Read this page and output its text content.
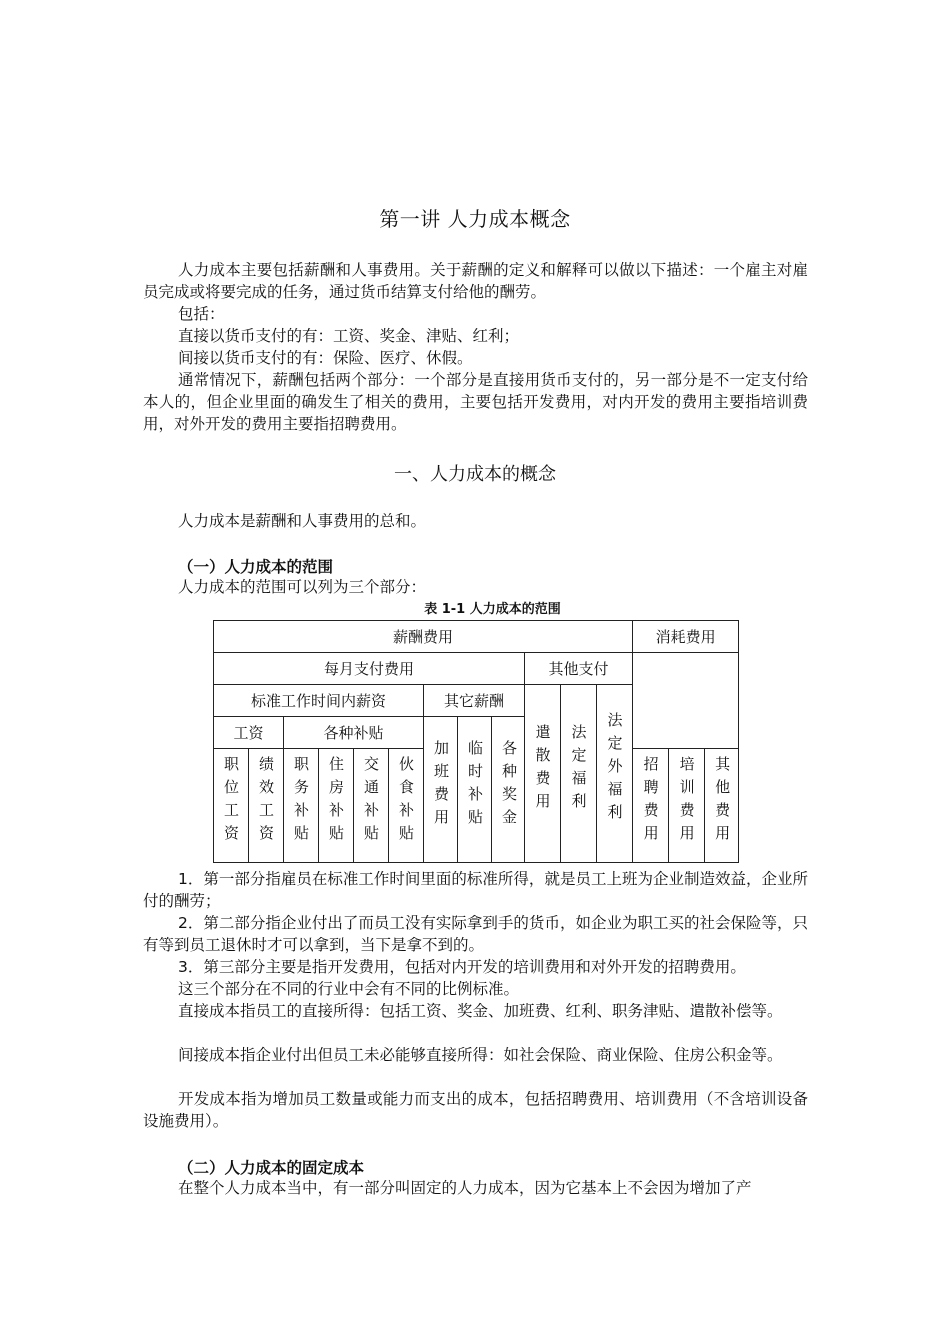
第一讲 人力成本概念

人力成本主要包括薪酬和人事费用。关于薪酬的定义和解释可以做以下描述：一个雇主对雇员完成或将要完成的任务，通过货币结算支付给他的酬劳。

包括：

直接以货币支付的有：工资、奖金、津贴、红利；

间接以货币支付的有：保险、医疗、休假。

通常情况下，薪酬包括两个部分：一个部分是直接用货币支付的，另一部分是不一定支付给本人的，但企业里面的确发生了相关的费用，主要包括开发费用，对内开发的费用主要指培训费用，对外开发的费用主要指招聘费用。

一、人力成本的概念

人力成本是薪酬和人事费用的总和。

（一）人力成本的范围

人力成本的范围可以列为三个部分：

表 1-1 人力成本的范围
薪酬费用												消耗费用		
每月支付费用									其他支付					
标准工作时间内薪资						其它薪酬			遣散费用	法定福利	法定外福利			
工资		各种补贴				加班费用	临时补贴	各种奖金						
职位工资	绩效工资	职务补贴	住房补贴	交通补贴	伙食补贴							招聘费用	培训费用	其他费用

1．第一部分指雇员在标准工作时间里面的标准所得，就是员工上班为企业制造效益，企业所付的酬劳；

2．第二部分指企业付出了而员工没有实际拿到手的货币，如企业为职工买的社会保险等，只有等到员工退休时才可以拿到，当下是拿不到的。

3．第三部分主要是指开发费用，包括对内开发的培训费用和对外开发的招聘费用。

这三个部分在不同的行业中会有不同的比例标准。

直接成本指员工的直接所得：包括工资、奖金、加班费、红利、职务津贴、遣散补偿等。

间接成本指企业付出但员工未必能够直接所得：如社会保险、商业保险、住房公积金等。

开发成本指为增加员工数量或能力而支出的成本，包括招聘费用、培训费用（不含培训设备设施费用）。

（二）人力成本的固定成本

在整个人力成本当中，有一部分叫固定的人力成本，因为它基本上不会因为增加了产
